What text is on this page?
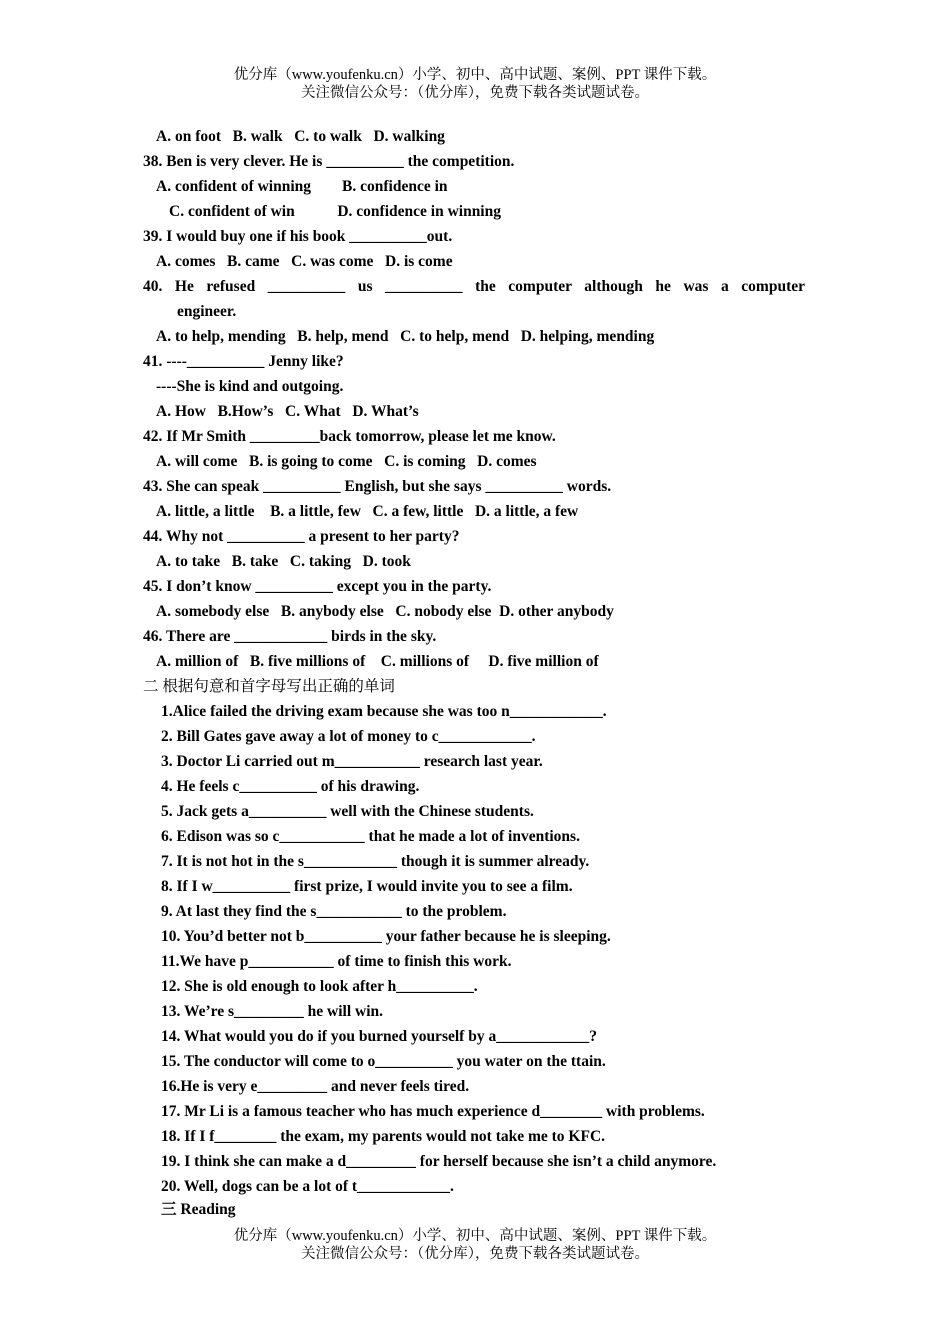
优分库（www.youfenku.cn）小学、初中、高中试题、案例、PPT 课件下载。
关注微信公众号：（优分库），免费下载各类试题试卷。
A. on foot   B. walk   C. to walk   D. walking
38. Ben is very clever. He is __________ the competition.
A. confident of winning        B. confidence in
C. confident of win           D. confidence in winning
39. I would buy one if his book __________out.
A. comes   B. came   C. was come   D. is come
40.  He  refused  __________  us  __________  the  computer  although  he  was  a  computer
engineer.
A. to help, mending   B. help, mend   C. to help, mend   D. helping, mending
41. ----__________ Jenny like?
----She is kind and outgoing.
A. How   B.How’s   C. What   D. What’s
42. If Mr Smith _________back tomorrow, please let me know.
A. will come   B. is going to come   C. is coming   D. comes
43. She can speak __________ English, but she says __________ words.
A. little, a little    B. a little, few   C. a few, little   D. a little, a few
44. Why not __________ a present to her party?
A. to take   B. take   C. taking   D. took
45. I don’t know __________ except you in the party.
A. somebody else   B. anybody else   C. nobody else  D. other anybody
46. There are ____________ birds in the sky.
A. million of   B. five millions of    C. millions of     D. five million of
二 根据句意和首字母写出正确的单词
1.Alice failed the driving exam because she was too n____________.
2. Bill Gates gave away a lot of money to c____________.
3. Doctor Li carried out m___________ research last year.
4. He feels c__________ of his drawing.
5. Jack gets a__________ well with the Chinese students.
6. Edison was so c___________ that he made a lot of inventions.
7. It is not hot in the s____________ though it is summer already.
8. If I w__________ first prize, I would invite you to see a film.
9. At last they find the s___________ to the problem.
10. You’d better not b__________ your father because he is sleeping.
11.We have p___________ of time to finish this work.
12. She is old enough to look after h__________.
13. We’re s_________ he will win.
14. What would you do if you burned yourself by a____________?
15. The conductor will come to o__________ you water on the ttain.
16.He is very e_________ and never feels tired.
17. Mr Li is a famous teacher who has much experience d________ with problems.
18. If I f________ the exam, my parents would not take me to KFC.
19. I think she can make a d_________ for herself because she isn’t a child anymore.
20. Well, dogs can be a lot of t____________.
三 Reading
优分库（www.youfenku.cn）小学、初中、高中试题、案例、PPT 课件下载。
关注微信公众号：（优分库），免费下载各类试题试卷。
